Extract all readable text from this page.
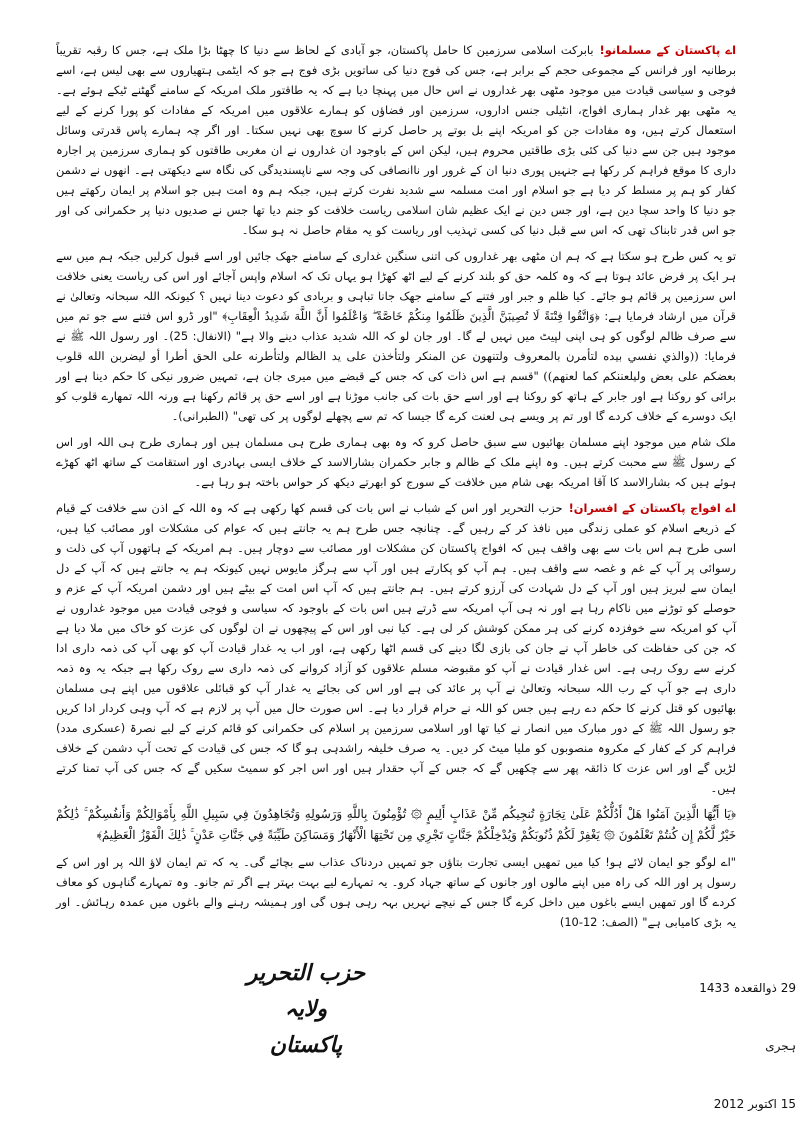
اے پاکستان کے مسلمانو!بابرکت اسلامی سرزمین کا حامل پاکستان، جو آبادی کے لحاظ سے دنیا کا چھٹا بڑا ملک ہے، جس کا رقبہ تقریباً برطانیہ اور فرانس کے مجموعی حجم کے برابر ہے، جس کی فوج دنیا کی ساتویں بڑی فوج ہے جو کہ ایٹمی ہتھیاروں سے بھی لیس ہے، اسے فوجی و سیاسی قیادت میں موجود مٹھی بھر غداروں نے اس حال میں پہنچا دیا ہے کہ یہ طاقتور ملک امریکہ کے سامنے گھٹنے ٹیکے ہوئے ہے۔ یہ مٹھی بھر غدار ہماری افواج، انٹیلی جنس اداروں، سرزمین اور فضاؤں کو ہمارے علاقوں میں امریکہ کے مفادات کو پورا کرنے کے لیے استعمال کرتے ہیں، وہ مفادات جن کو امریکہ اپنے بل بوتے پر حاصل کرنے کا سوچ بھی نہیں سکتا۔ اور اگر چہ ہمارے پاس قدرتی وسائل موجود ہیں جن سے دنیا کی کئی بڑی طاقتیں محروم ہیں، لیکن اس کے باوجود ان غداروں نے ان مغربی طاقتوں کو ہماری سرزمین پر اجارہ داری کا موقع فراہم کر رکھا ہے جنہیں پوری دنیا ان کے غرور اور ناانصافی کی وجہ سے ناپسندیدگی کی نگاہ سے دیکھتی ہے۔ انھوں نے دشمن کفار کو ہم پر مسلط کر دیا ہے جو اسلام اور امت مسلمہ سے شدید نفرت کرتے ہیں، جبکہ ہم وہ امت ہیں جو اسلام پر ایمان رکھتے ہیں جو دنیا کا واحد سچا دین ہے، اور جس دین نے ایک عظیم شان اسلامی ریاست خلافت کو جنم دیا تھا جس نے صدیوں دنیا پر حکمرانی کی اور جو اس قدر تابناک تھی کہ اس سے قبل دنیا کی کسی تہذیب اور ریاست کو یہ مقام حاصل نہ ہو سکا۔

تو یہ کس طرح ہو سکتا ہے کہ ہم ان مٹھی بھر غداروں کی اتنی سنگین غداری کے سامنے جھک جائیں اور اسے قبول کرلیں جبکہ ہم میں سے ہر ایک پر فرض عائد ہوتا ہے کہ وہ کلمہ حق کو بلند کرنے کے لیے اٹھ کھڑا ہو یہاں تک کہ اسلام واپس آجائے اور اس کی ریاست یعنی خلافت اس سرزمین پر قائم ہو جائے۔ کیا ظلم و جبر اور فتنے کے سامنے جھک جانا تباہی و بربادی کو دعوت دینا نہیں ؟ کیونکہ اللہ سبحانہ وتعالیٰ نے قرآن میں ارشاد فرمایا ہے: ﴿وَاتَّقُوا فِتْنَةً لَا تُصِيبَنَّ الَّذِينَ ظَلَمُوا مِنكُمْ خَاصَّةً ۖ وَاعْلَمُوا أَنَّ اللَّهَ شَدِيدُ الْعِقَابِ﴾ "اور ڈرو اس فتنے سے جو تم میں سے صرف ظالم لوگوں کو ہی اپنی لپیٹ میں نہیں لے گا۔ اور جان لو کہ اللہ شدید عذاب دینے والا ہے" (الانفال: 25)۔ اور رسول اللہ ﷺ نے فرمایا: ((والذي نفسي بيده لتأمرن بالمعروف ولتنهون عن المنكر ولتأخذن على يد الظالم ولتأطرنه على الحق أطرا أو ليضربن الله قلوب بعضكم على بعض وليلعننكم كما لعنهم)) "قسم ہے اس ذات کی کہ جس کے قبضے میں میری جان ہے، تمہیں ضرور نیکی کا حکم دینا ہے اور برائی کو روکنا ہے اور جابر کے ہاتھ کو روکنا ہے اور اسے حق بات کی جانب موڑنا ہے اور اسے حق پر قائم رکھنا ہے ورنہ اللہ تمھارے قلوب کو ایک دوسرے کے خلاف کردے گا اور تم پر ویسے ہی لعنت کرے گا جیسا کہ تم سے پچھلے لوگوں پر کی تھی" (الطبرانی)۔

ملک شام میں موجود اپنے مسلمان بھائیوں سے سبق حاصل کرو کہ وہ بھی ہماری طرح ہی مسلمان ہیں اور ہماری طرح ہی اللہ اور اس کے رسول ﷺ سے محبت کرتے ہیں۔ وہ اپنے ملک کے ظالم و جابر حکمران بشارالاسد کے خلاف ایسی بہادری اور استقامت کے ساتھ اٹھ کھڑے ہوئے ہیں کہ بشارالاسد کا آقا امریکہ بھی شام میں خلافت کے سورج کو ابھرتے دیکھ کر حواس باختہ ہو رہا ہے۔

اے افواج پاکستان کے افسران!حزب التحریر اور اس کے شباب نے اس بات کی قسم کھا رکھی ہے کہ وہ اللہ کے اذن سے خلافت کے قیام کے ذریعے اسلام کو عملی زندگی میں نافذ کر کے رہیں گے۔ چنانچہ جس طرح ہم یہ جانتے ہیں کہ عوام کی مشکلات اور مصائب کیا ہیں، اسی طرح ہم اس بات سے بھی واقف ہیں کہ افواج پاکستان کن مشکلات اور مصائب سے دوچار ہیں۔ ہم امریکہ کے ہاتھوں آپ کی ذلت و رسوائی پر آپ کے غم و غصہ سے واقف ہیں۔ ہم آپ کو پکارتے ہیں اور آپ سے ہرگز مایوس نہیں کیونکہ ہم یہ جانتے ہیں کہ آپ کے دل ایمان سے لبریز ہیں اور آپ کے دل شہادت کی آرزو کرتے ہیں۔ ہم جانتے ہیں کہ آپ اس امت کے بیٹے ہیں اور دشمن امریکہ آپ کے عزم و حوصلے کو توڑنے میں ناکام رہا ہے اور نہ ہی آپ امریکہ سے ڈرتے ہیں اس بات کے باوجود کہ سیاسی و فوجی قیادت میں موجود غداروں نے آپ کو امریکہ سے خوفزدہ کرنے کی ہر ممکن کوشش کر لی ہے۔ کیا نبی اور اس کے پیچھوں نے ان لوگوں کی عزت کو خاک میں ملا دیا ہے کہ جن کی حفاظت کی خاطر آپ نے جان کی بازی لگا دینے کی قسم اٹھا رکھی ہے، اور اب یہ غدار قیادت آپ کو بھی آپ کی ذمہ داری ادا کرنے سے روک رہی ہے۔ اس غدار قیادت نے آپ کو مقبوضہ مسلم علاقوں کو آزاد کروانے کی ذمہ داری سے روک رکھا ہے جبکہ یہ وہ ذمہ داری ہے جو آپ کے رب اللہ سبحانہ وتعالیٰ نے آپ پر عائد کی ہے اور اس کی بجائے یہ غدار آپ کو قبائلی علاقوں میں اپنے ہی مسلمان بھائیوں کو قتل کرنے کا حکم دے رہے ہیں جس کو اللہ نے حرام قرار دیا ہے۔ اس صورت حال میں آپ پر لازم ہے کہ آپ وہی کردار ادا کریں جو رسول اللہ ﷺ کے دور مبارک میں انصار نے کیا تھا اور اسلامی سرزمین پر اسلام کی حکمرانی کو قائم کرنے کے لیے نصرۃ (عسکری مدد) فراہم کر کے کفار کے مکروہ منصوبوں کو ملیا میٹ کر دیں۔ یہ صرف خلیفہ راشدہی ہو گا کہ جس کی قیادت کے تحت آپ دشمن کے خلاف لڑیں گے اور اس عزت کا ذائقہ پھر سے چکھیں گے کہ جس کے آپ حقدار ہیں اور اس اجر کو سمیٹ سکیں گے کہ جس کی آپ تمنا کرتے ہیں۔

﴿يَا أَيُّهَا الَّذِينَ آمَنُوا هَلْ أَدُلُّكُمْ عَلَىٰ تِجَارَةٍ تُنجِيكُم مِّنْ عَذَابٍ أَلِيمٍ ۞ تُؤْمِنُونَ بِاللَّهِ وَرَسُولِهِ وَتُجَاهِدُونَ فِي سَبِيلِ اللَّهِ بِأَمْوَالِكُمْ وَأَنفُسِكُمْ ۚ ذَٰلِكُمْ خَيْرٌ لَّكُمْ إِن كُنتُمْ تَعْلَمُونَ ۞ يَغْفِرْ لَكُمْ ذُنُوبَكُمْ وَيُدْخِلْكُمْ جَنَّاتٍ تَجْرِي مِن تَحْتِهَا الْأَنْهَارُ وَمَسَاكِنَ طَيِّبَةً فِي جَنَّاتِ عَدْنٍ ۚ ذَٰلِكَ الْفَوْزُ الْعَظِيمُ﴾

"اے لوگو جو ایمان لائے ہو! کیا میں تمھیں ایسی تجارت بتاؤں جو تمہیں دردناک عذاب سے بچائے گی۔ یہ کہ تم ایمان لاؤ اللہ پر اور اس کے رسول پر اور اللہ کی راہ میں اپنے مالوں اور جانوں کے ساتھ جہاد کرو۔ یہ تمہارے لیے بہت بہتر ہے اگر تم جانو۔ وہ تمہارے گناہوں کو معاف کردے گا اور تمھیں ایسے باغوں میں داخل کرے گا جس کے نیچے نہریں بہہ رہی ہوں گی اور ہمیشہ رہنے والے باغوں میں عمدہ رہائش۔ اور یہ بڑی کامیابی ہے" (الصف: 12-10)

حزب التحریر
ولایہ پاکستان
29 ذوالقعدہ 1433 ہجری
15 اکتوبر 2012
